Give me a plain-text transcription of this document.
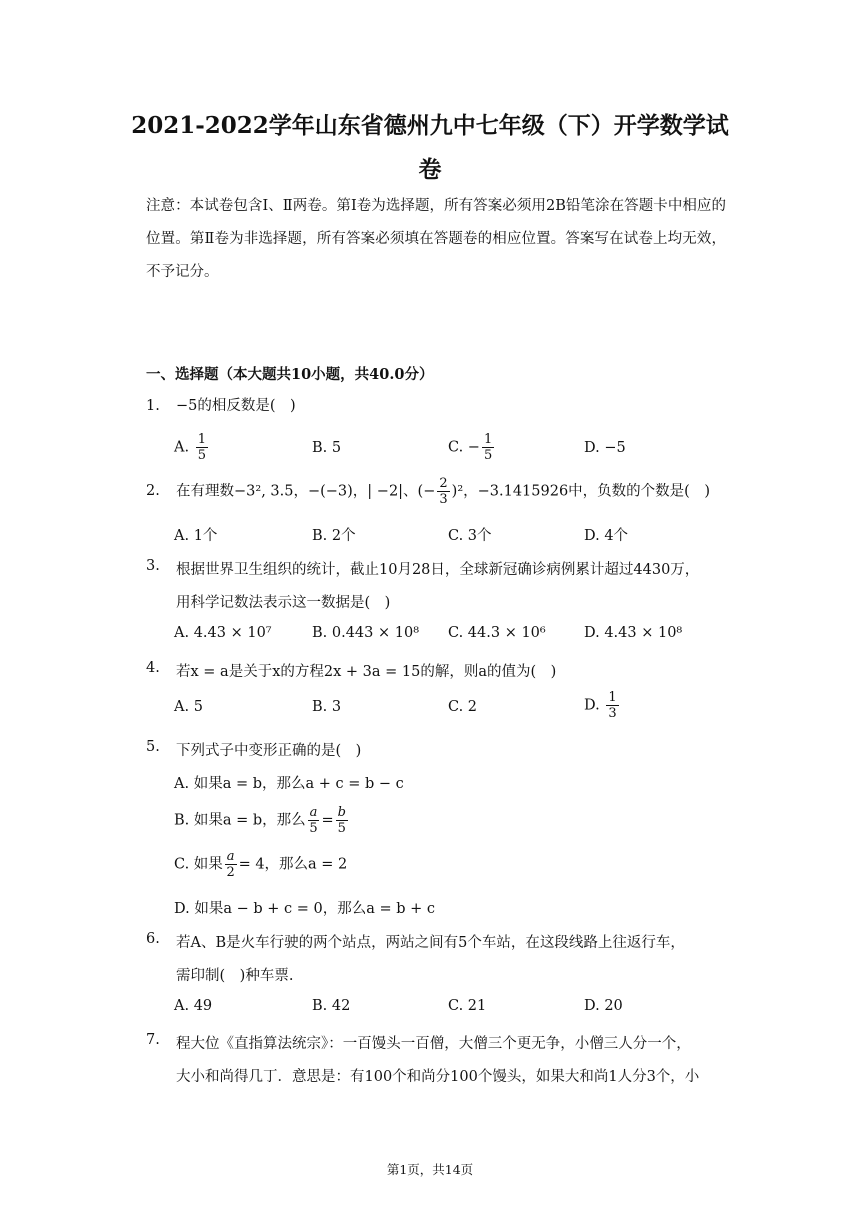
2021-2022学年山东省德州九中七年级（下）开学数学试
卷
注意：本试卷包含Ⅰ、Ⅱ两卷。第Ⅰ卷为选择题，所有答案必须用2B铅笔涂在答题卡中相应的位置。第Ⅱ卷为非选择题，所有答案必须填在答题卷的相应位置。答案写在试卷上均无效，不予记分。
一、选择题（本大题共10小题，共40.0分）
1.	−5的相反数是(　)
A. $\frac{1}{5}$	B. 5	C. − $\frac{1}{5}$	D. −5
2.	在有理数−3², 3.5，−(−3)，| −2|、(− $\frac{2}{3} )^2$，−3.1415926中，负数的个数是(　)
A. 1个	B. 2个	C. 3个	D. 4个
3.	根据世界卫生组织的统计，截止10月28日，全球新冠确诊病例累计超过4430万，
用科学记数法表示这一数据是(　)
A. 4.43 × 10⁷	B. 0.443 × 10⁸ C. 44.3 × 10⁶	D. 4.43 × 10⁸
4.	若x = a是关于x的方程2x + 3a = 15的解，则a的值为(　)
A. 5	B. 3	C. 2	D. $\frac{1}{3}$
5.	下列式子中变形正确的是(　)
A. 如果a = b，那么a + c = b − c
B. 如果a = b，那么 $\frac{a}{5} = \frac{b}{5}$
C. 如果 $\frac{a}{2} = 4$，那么a = 2
D. 如果a − b + c = 0，那么a = b + c
6.	若A、B是火车行驶的两个站点，两站之间有5个车站，在这段线路上往返行车，
需印制(　)种车票.
A. 49	B. 42	C. 21	D. 20
7.	程大位《直指算法统宗》：一百馒头一百僧，大僧三个更无争，小僧三人分一个，
大小和尚得几丁．意思是：有100个和尚分100个馒头，如果大和尚1人分3个，小
第1页，共14页
